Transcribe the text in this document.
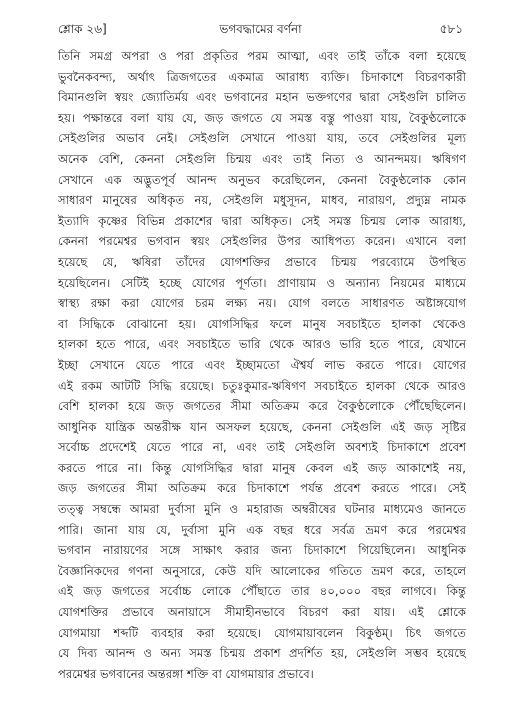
শ্লোক ২৬]	ভগবদ্ধামের বর্ণনা	৫৮১
তিনি সমগ্র অপরা ও পরা প্রকৃতির পরম আত্মা, এবং তাই তাঁকে বলা হয়েছে
ভুবনৈকবন্দ্য, অর্থাৎ ত্রিজগতের একমাত্র আরাধ্য ব্যক্তি। চিদাকাশে বিচরণকারী
বিমানগুলি স্বয়ং জ্যোতির্ময় এবং ভগবানের মহান ভক্তগণের দ্বারা সেইগুলি চালিত
হয়। পক্ষান্তরে বলা যায় যে, জড় জগতে যে সমস্ত বস্তু পাওয়া যায়, বৈকুণ্ঠলোকে
সেইগুলির অভাব নেই। সেইগুলি সেখানে পাওয়া যায়, তবে সেইগুলির মূল্য
অনেক বেশি, কেননা সেইগুলি চিন্ময় এবং তাই নিত্য ও আনন্দময়। ঋষিগণ
সেখানে এক অদ্ভুতপূর্ব আনন্দ অনুভব করেছিলেন, কেননা বৈকুণ্ঠলোক কোন
সাধারণ মানুষের অধিকৃত নয়, সেইগুলি মধুসূদন, মাধব, নারায়ণ, প্রদ্যুম্ন নামক
ইত্যাদি কৃষ্ণের বিভিন্ন প্রকাশের দ্বারা অধিকৃত। সেই সমস্ত চিন্ময় লোক আরাধ্য,
কেননা পরমেশ্বর ভগবান স্বয়ং সেইগুলির উপর আধিপত্য করেন। এখানে বলা
হয়েছে যে, ঋষিরা তাঁদের যোগশক্তির প্রভাবে চিন্ময় পরব্যোমে উপস্থিত
হয়েছিলেন। সেটিই হচ্ছে যোগের পূর্ণতা। প্রাণায়াম ও অন্যান্য নিয়মের মাধ্যমে
স্বাস্থ্য রক্ষা করা যোগের চরম লক্ষ্য নয়। যোগ বলতে সাধারণত অষ্টাঙ্গযোগ
বা সিদ্ধিকে বোঝানো হয়। যোগসিদ্ধির ফলে মানুষ সবচাইতে হালকা থেকেও
হালকা হতে পারে, এবং সবচাইতে ভারি থেকে আরও ভারি হতে পারে, যেখানে
ইচ্ছা সেখানে যেতে পারে এবং ইচ্ছামতো ঐশ্বর্য লাভ করতে পারে। যোগের
এই রকম আটটি সিদ্ধি রয়েছে। চতুঃকুমার-ঋষিগণ সবচাইতে হালকা থেকে আরও
বেশি হালকা হয়ে জড় জগতের সীমা অতিক্রম করে বৈকুণ্ঠলোকে পৌঁছেছিলেন।
আধুনিক যান্ত্রিক অন্তরীক্ষ যান অসফল হয়েছে, কেননা সেইগুলি এই জড় সৃষ্টির
সর্বোচ্চ প্রদেশেই যেতে পারে না, এবং তাই সেইগুলি অবশ্যই চিদাকাশে প্রবেশ
করতে পারে না। কিন্তু যোগসিদ্ধির দ্বারা মানুষ কেবল এই জড় আকাশেই নয়,
জড় জগতের সীমা অতিক্রম করে চিদাকাশে পর্যন্ত প্রবেশ করতে পারে। সেই
তত্ত্ব সম্বন্ধে আমরা দুর্বাসা মুনি ও মহারাজ অম্বরীষের ঘটনার মাধ্যমেও জানতে
পারি। জানা যায় যে, দুর্বাসা মুনি এক বছর ধরে সর্বত্র ভ্রমণ করে পরমেশ্বর
ভগবান নারায়ণের সঙ্গে সাক্ষাৎ করার জন্য চিদাকাশে গিয়েছিলেন। আধুনিক
বৈজ্ঞানিকদের গণনা অনুসারে, কেউ যদি আলোকের গতিতে ভ্রমণ করে, তাহলে
এই জড় জগতের সর্বোচ্চ লোকে পৌঁছাতে তার ৪০,০০০ বছর লাগবে। কিন্তু
যোগশক্তির প্রভাবে অনায়াসে সীমাহীনভাবে বিচরণ করা যায়। এই শ্লোকে
যোগমায়া শব্দটি ব্যবহার করা হয়েছে। যোগমায়াবলেন বিকুণ্ঠম্। চিৎ জগতে
যে দিব্য আনন্দ ও অন্য সমস্ত চিন্ময় প্রকাশ প্রদর্শিত হয়, সেইগুলি সম্ভব হয়েছে
পরমেশ্বর ভগবানের অন্তরঙ্গা শক্তি বা যোগমায়ার প্রভাবে।
